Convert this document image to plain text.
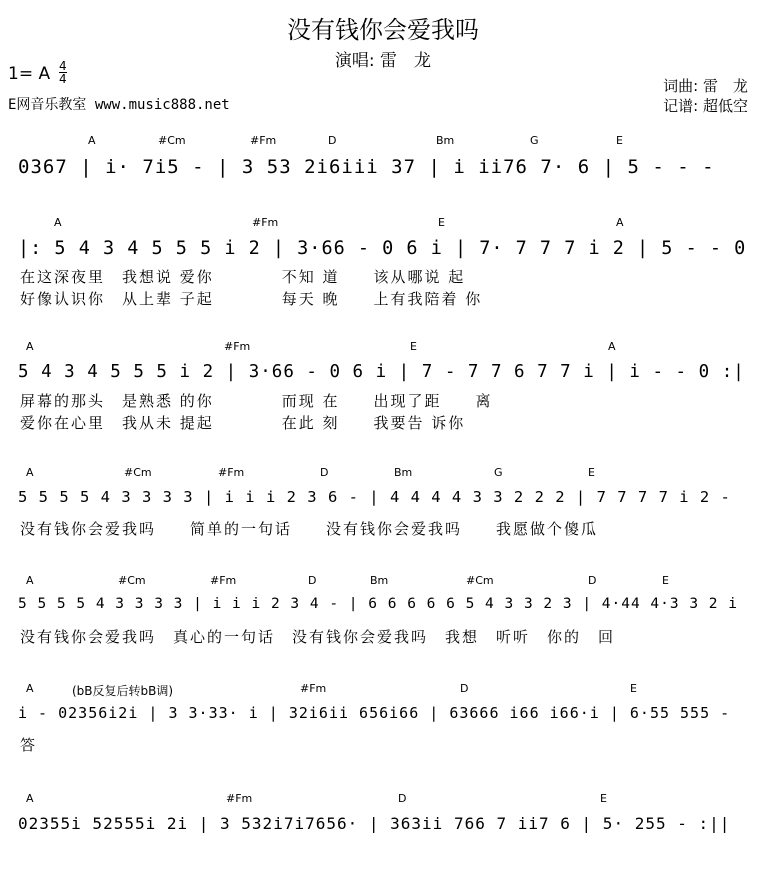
没有钱你会爱我吗
演唱: 雷　龙
1= A 4
4	词曲: 雷　龙
记谱: 超低空
E网音乐教室 www.music888.net
A	#Cm	#Fm	D	Bm	G	E
0367 | i· 7i5 - | 3 53 2i6iii 37 | i ii76 7· 6 | 5 - - -
A	#Fm	E	A
|: 5 4 3 4 5 5 5 i 2 | 3·66 - 0 6 i | 7· 7 7 7 i 2 | 5 - - 0
在这深夜里　我想说 爱你　　　　不知 道　　该从哪说 起
好像认识你　从上辈 子起　　　　每天 晚　　上有我陪着 你
A	#Fm	E	A
5 4 3 4 5 5 5 i 2 | 3·66 - 0 6 i | 7 - 7 7 6 7 7 i | i - - 0 :|
屏幕的那头　是熟悉 的你　　　　而现 在　　出现了距　　离
爱你在心里　我从未 提起　　　　在此 刻　　我要告 诉你
A	#Cm	#Fm	D	Bm	G	E
5 5 5 5 4 3 3 3 3 | i i i 2 3 6 - | 4 4 4 4 3 3 2 2 2 | 7 7 7 7 i 2 -
没有钱你会爱我吗　　简单的一句话　　没有钱你会爱我吗　　我愿做个傻瓜
A	#Cm	#Fm	D	Bm	#Cm	D	E
5 5 5 5 4 3 3 3 3 | i i i 2 3 4 - | 6 6 6 6 6 5 4 3 3 2 3 | 4·44 4·3 3 2 i
没有钱你会爱我吗　真心的一句话　没有钱你会爱我吗　我想　听听　你的　回
A	(bB反复后转bB调)	#Fm	D	E
i - 02356i2i | 3 3·33· i | 32i6ii 656i66 | 63666 i66 i66·i | 6·55 555 -
答
A	#Fm	D	E
02355i 52555i 2i | 3 532i7i7656· | 363ii 766 7 ii7 6 | 5· 255 - :||
